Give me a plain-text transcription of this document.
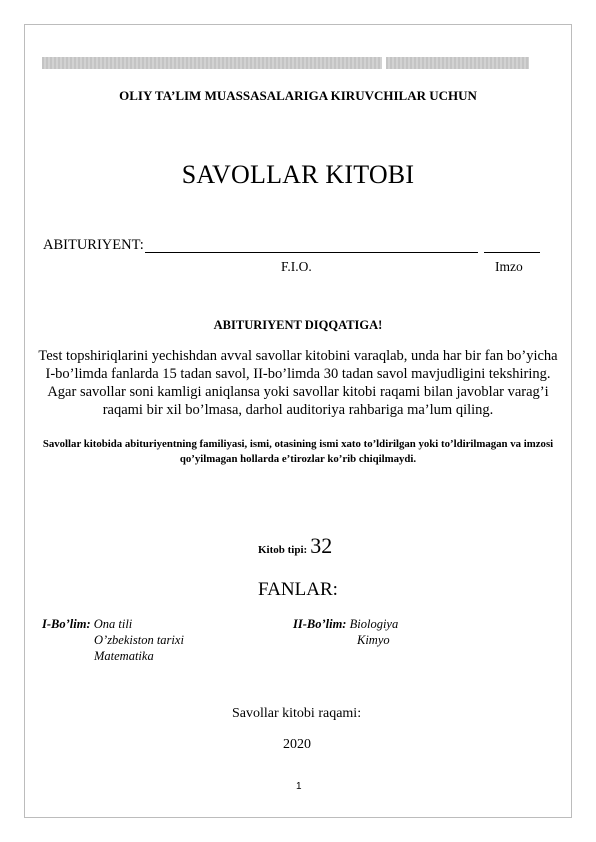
OLIY TA’LIM MUASSASALARIGA KIRUVCHILAR UCHUN
SAVOLLAR KITOBI
ABITURIYENT:
F.I.O.	Imzo
ABITURIYENT DIQQATIGA!
Test topshiriqlarini yechishdan avval savollar kitobini varaqlab, unda har bir fan bo’yicha I-bo’limda fanlarda 15 tadan savol, II-bo’limda 30 tadan savol mavjudligini tekshiring. Agar savollar soni kamligi aniqlansa yoki savollar kitobi raqami bilan javoblar varag’i raqami bir xil bo’lmasa, darhol auditoriya rahbariga ma’lum qiling.
Savollar kitobida abituriyentning familiyasi, ismi, otasining ismi xato to’ldirilgan yoki to’ldirilmagan va imzosi qo’yilmagan hollarda e’tirozlar ko’rib chiqilmaydi.
Kitob tipi: 32
FANLAR:
I-Bo’lim: Ona tili
O’zbekiston tarixi
Matematika
II-Bo’lim: Biologiya
Kimyo
Savollar kitobi raqami:
2020
1
